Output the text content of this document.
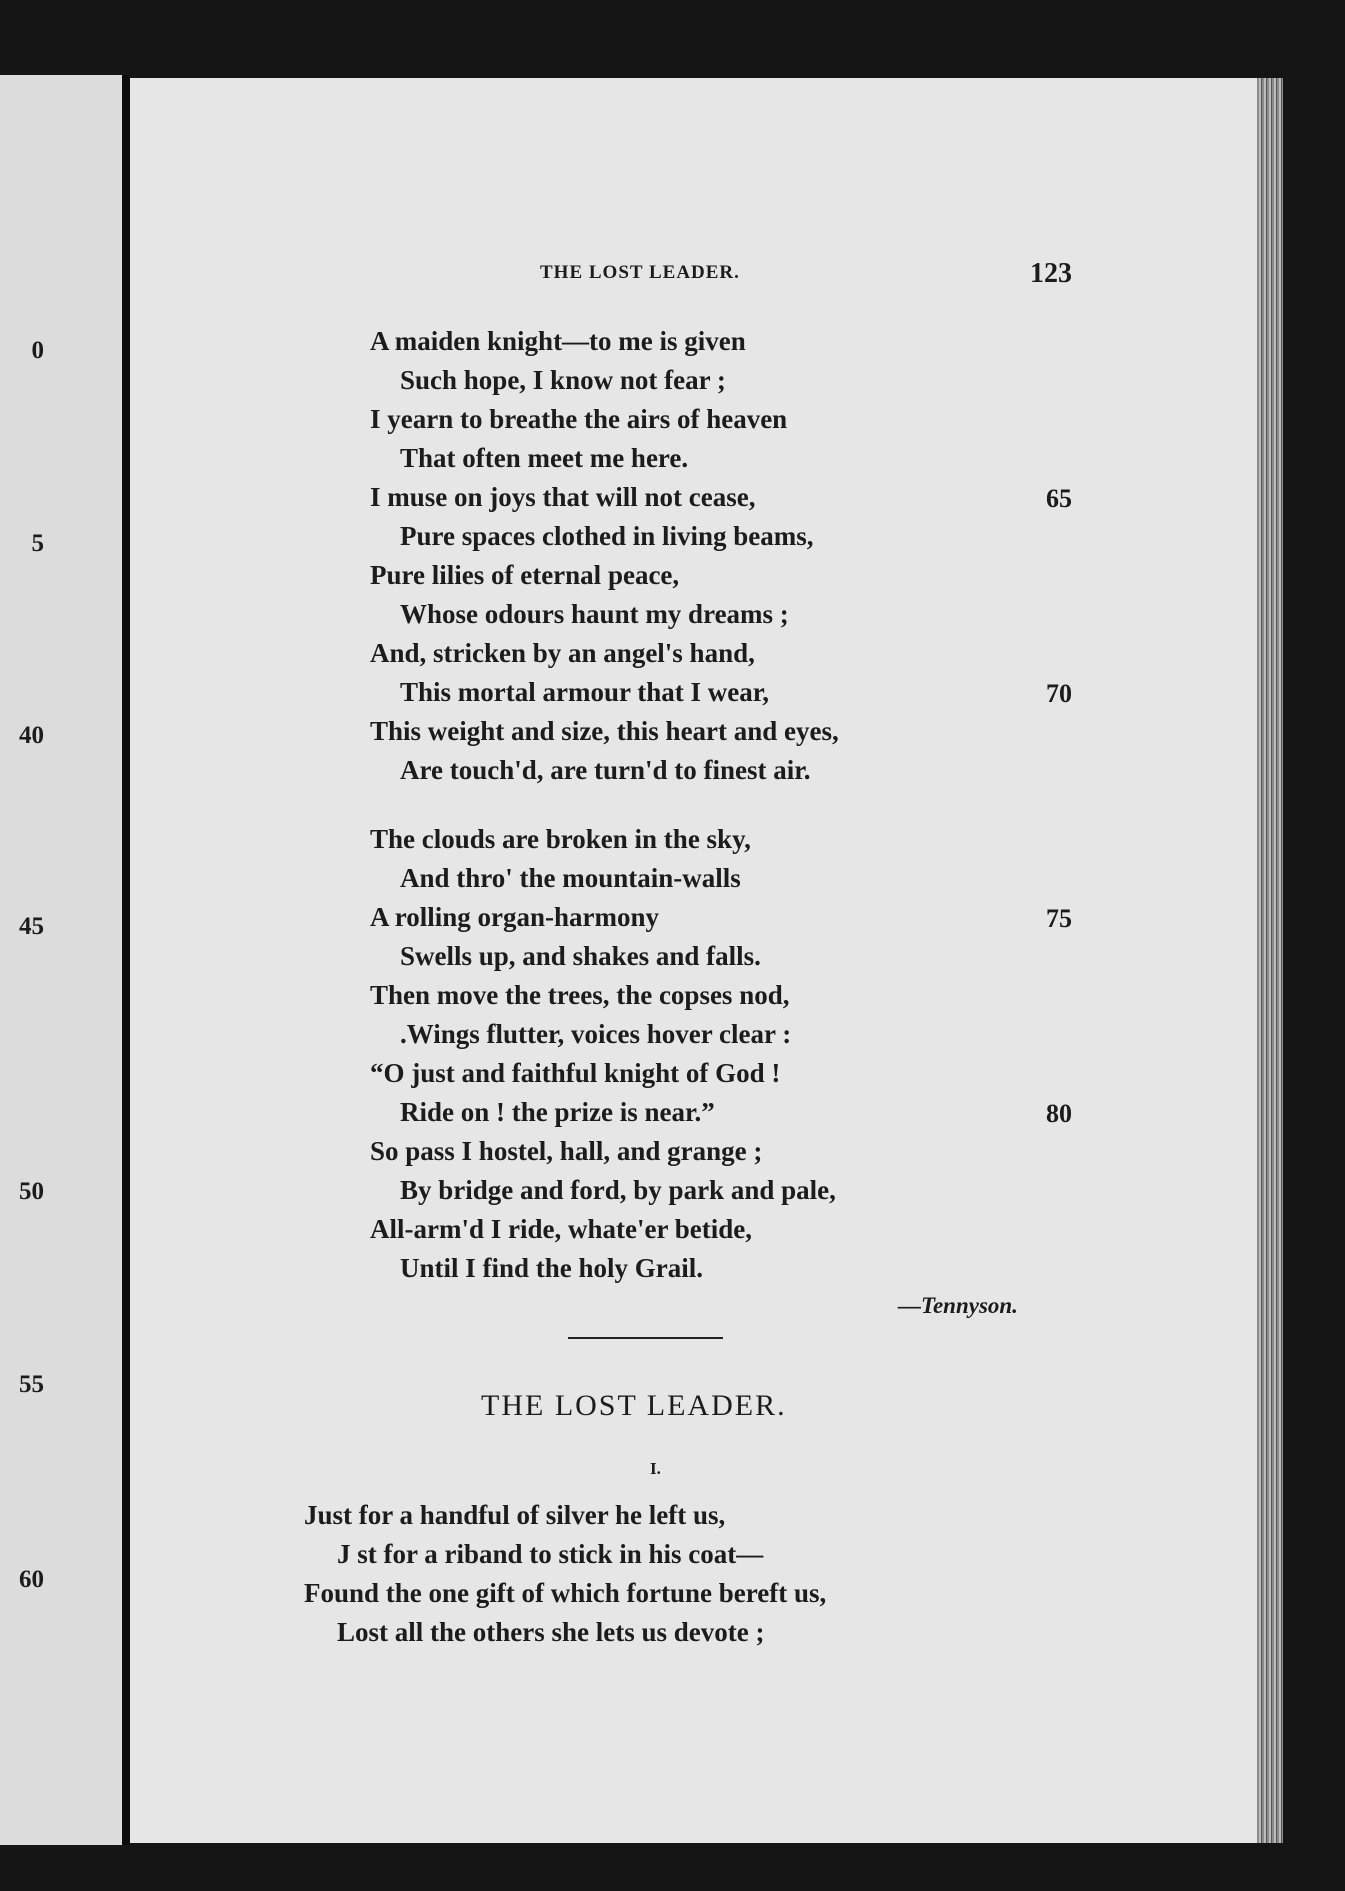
0
5
40
45
50
55
60
THE LOST LEADER.	123
A maiden knight—to me is given
Such hope, I know not fear ;
I yearn to breathe the airs of heaven
That often meet me here.
I muse on joys that will not cease,
Pure spaces clothed in living beams,
Pure lilies of eternal peace,
Whose odours haunt my dreams ;
And, stricken by an angel's hand,
This mortal armour that I wear,
This weight and size, this heart and eyes,
Are touch'd, are turn'd to finest air.
The clouds are broken in the sky,
And thro' the mountain-walls
A rolling organ-harmony
Swells up, and shakes and falls.
Then move the trees, the copses nod,
.Wings flutter, voices hover clear :
“O just and faithful knight of God !
Ride on ! the prize is near.”
So pass I hostel, hall, and grange ;
By bridge and ford, by park and pale,
All-arm'd I ride, whate'er betide,
Until I find the holy Grail.
65
70
75
80
—Tennyson.
THE LOST LEADER.
I.
Just for a handful of silver he left us,
J st for a riband to stick in his coat—
Found the one gift of which fortune bereft us,
Lost all the others she lets us devote ;
